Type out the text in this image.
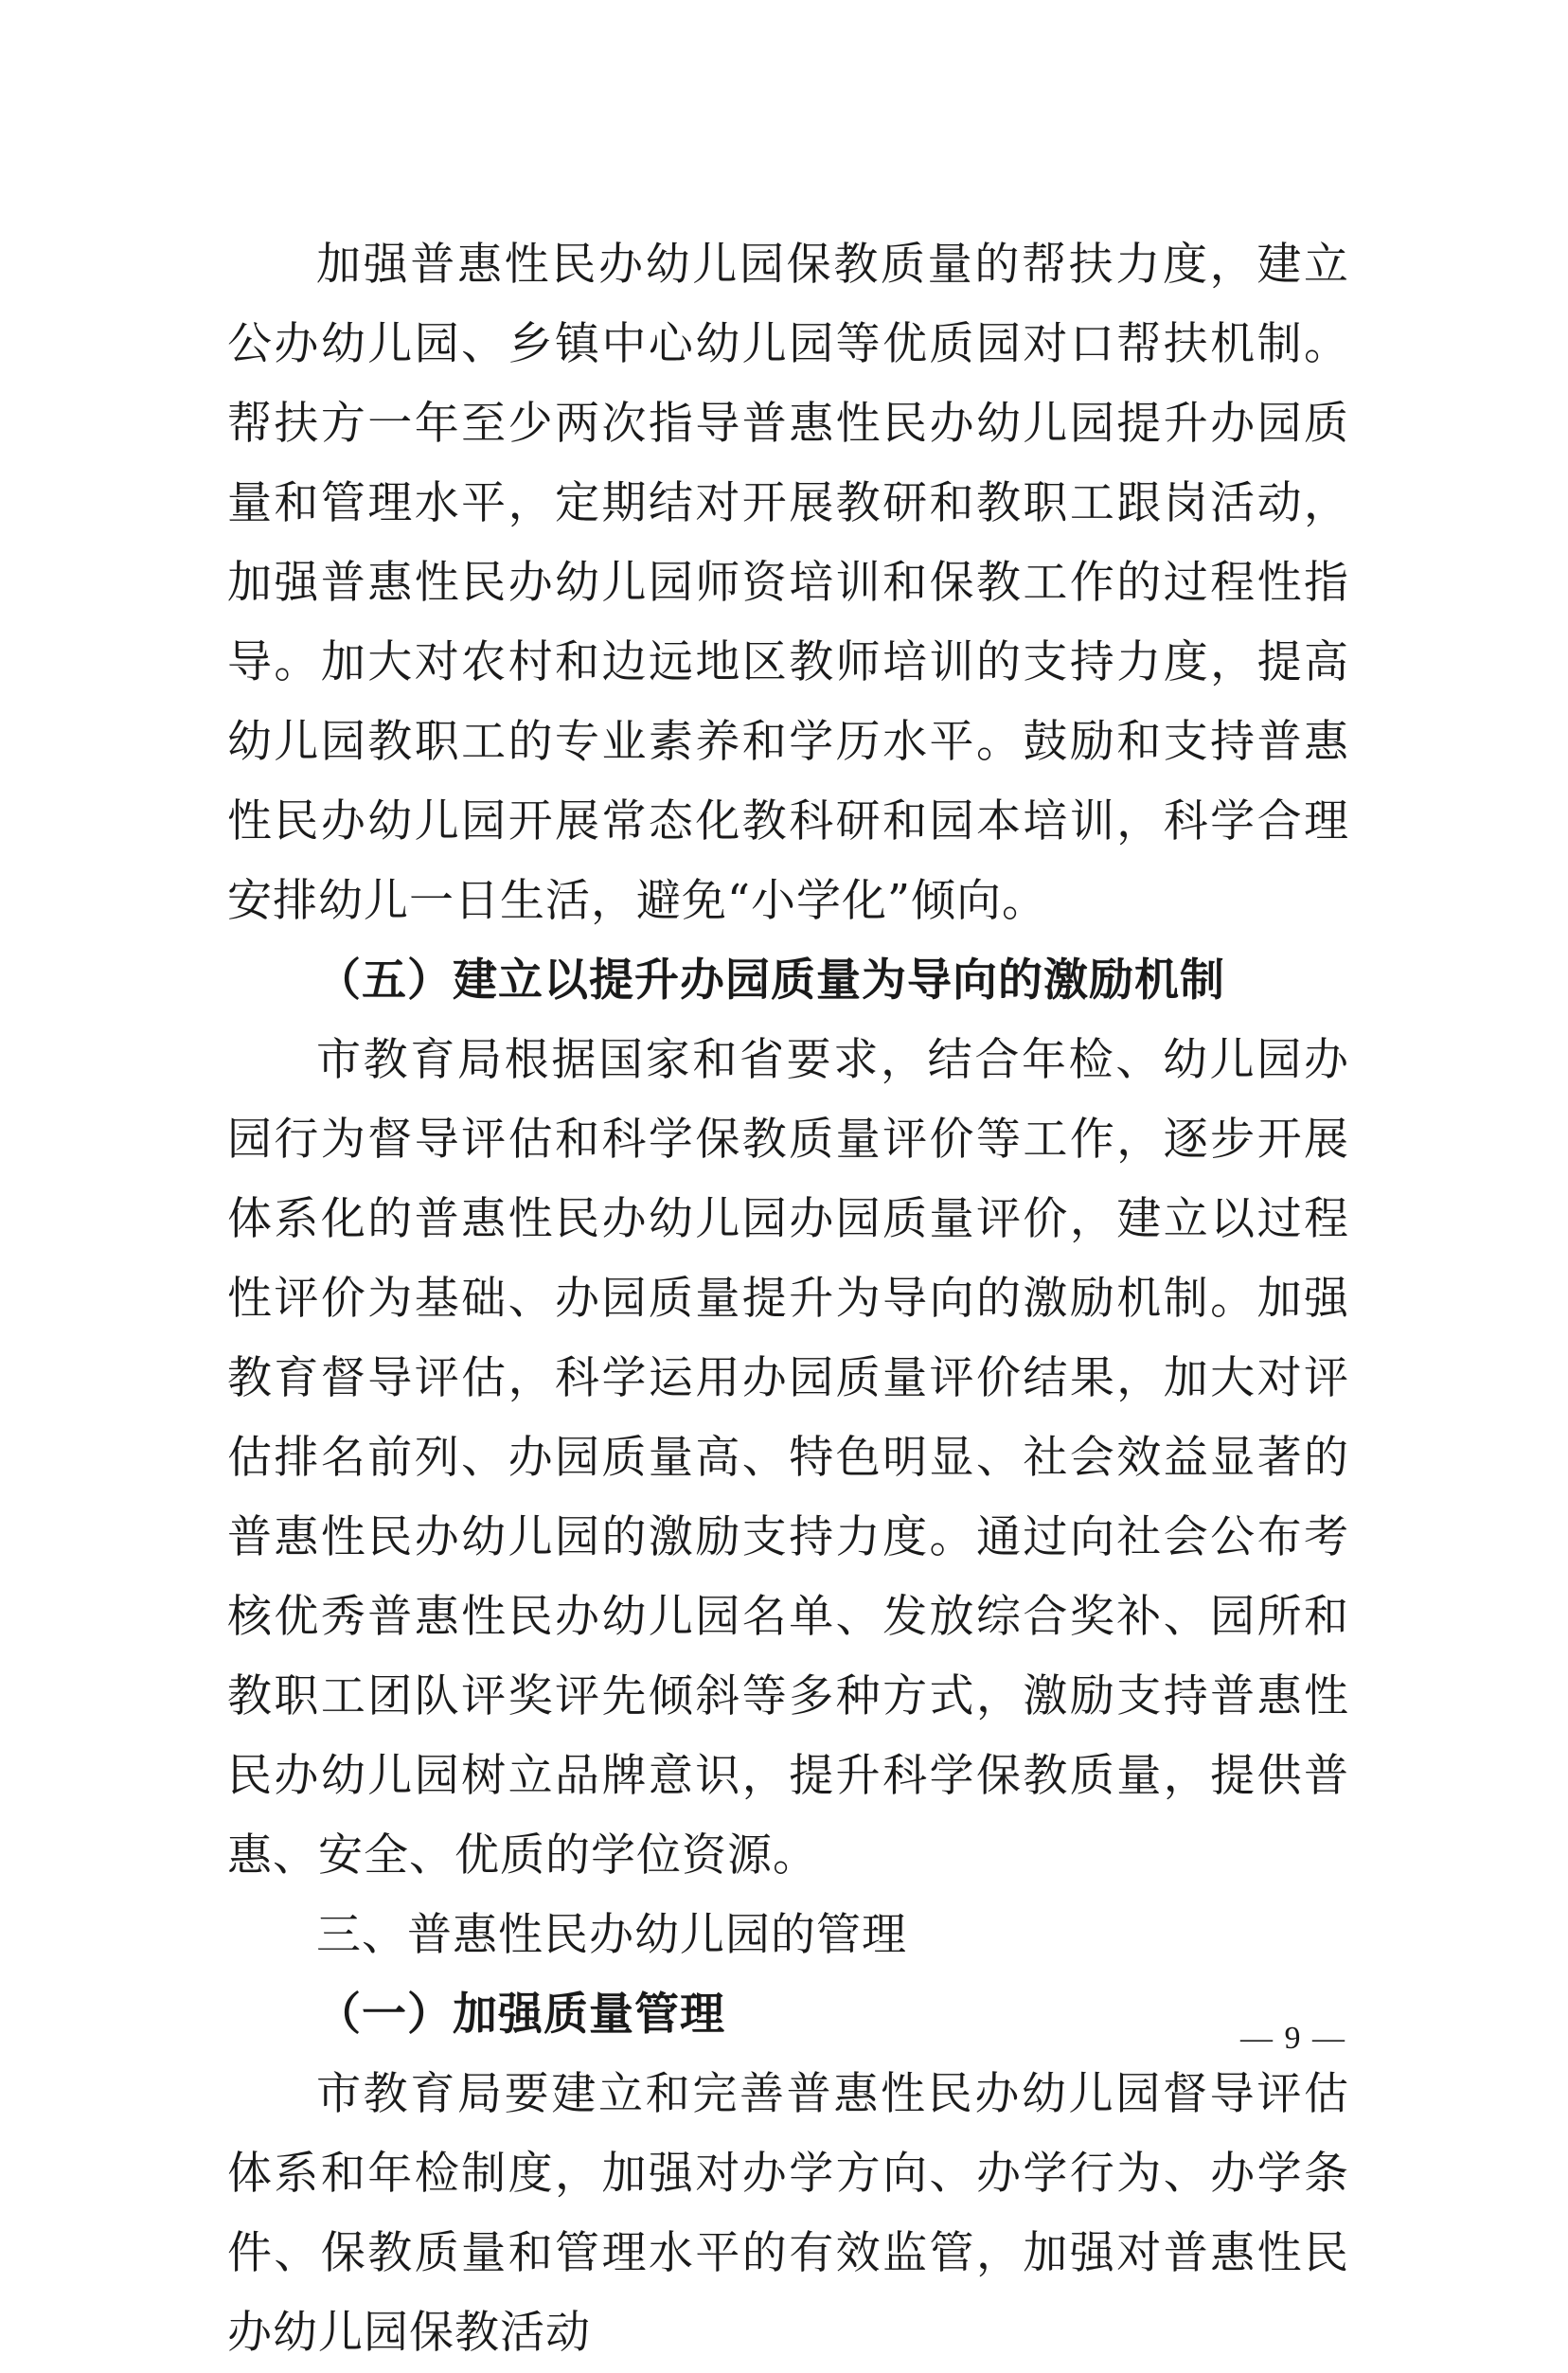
加强普惠性民办幼儿园保教质量的帮扶力度，建立公办幼儿园、乡镇中心幼儿园等优质园对口帮扶机制。帮扶方一年至少两次指导普惠性民办幼儿园提升办园质量和管理水平，定期结对开展教研和教职工跟岗活动，加强普惠性民办幼儿园师资培训和保教工作的过程性指导。加大对农村和边远地区教师培训的支持力度，提高幼儿园教职工的专业素养和学历水平。鼓励和支持普惠性民办幼儿园开展常态化教科研和园本培训，科学合理安排幼儿一日生活，避免“小学化”倾向。

（五）建立以提升办园质量为导向的激励机制

市教育局根据国家和省要求，结合年检、幼儿园办园行为督导评估和科学保教质量评价等工作，逐步开展体系化的普惠性民办幼儿园办园质量评价，建立以过程性评价为基础、办园质量提升为导向的激励机制。加强教育督导评估，科学运用办园质量评价结果，加大对评估排名前列、办园质量高、特色明显、社会效益显著的普惠性民办幼儿园的激励支持力度。通过向社会公布考核优秀普惠性民办幼儿园名单、发放综合奖补、园所和教职工团队评奖评先倾斜等多种方式，激励支持普惠性民办幼儿园树立品牌意识，提升科学保教质量，提供普惠、安全、优质的学位资源。

三、普惠性民办幼儿园的管理

（一）加强质量管理

市教育局要建立和完善普惠性民办幼儿园督导评估体系和年检制度，加强对办学方向、办学行为、办学条件、保教质量和管理水平的有效监管，加强对普惠性民办幼儿园保教活动

— 9 —
